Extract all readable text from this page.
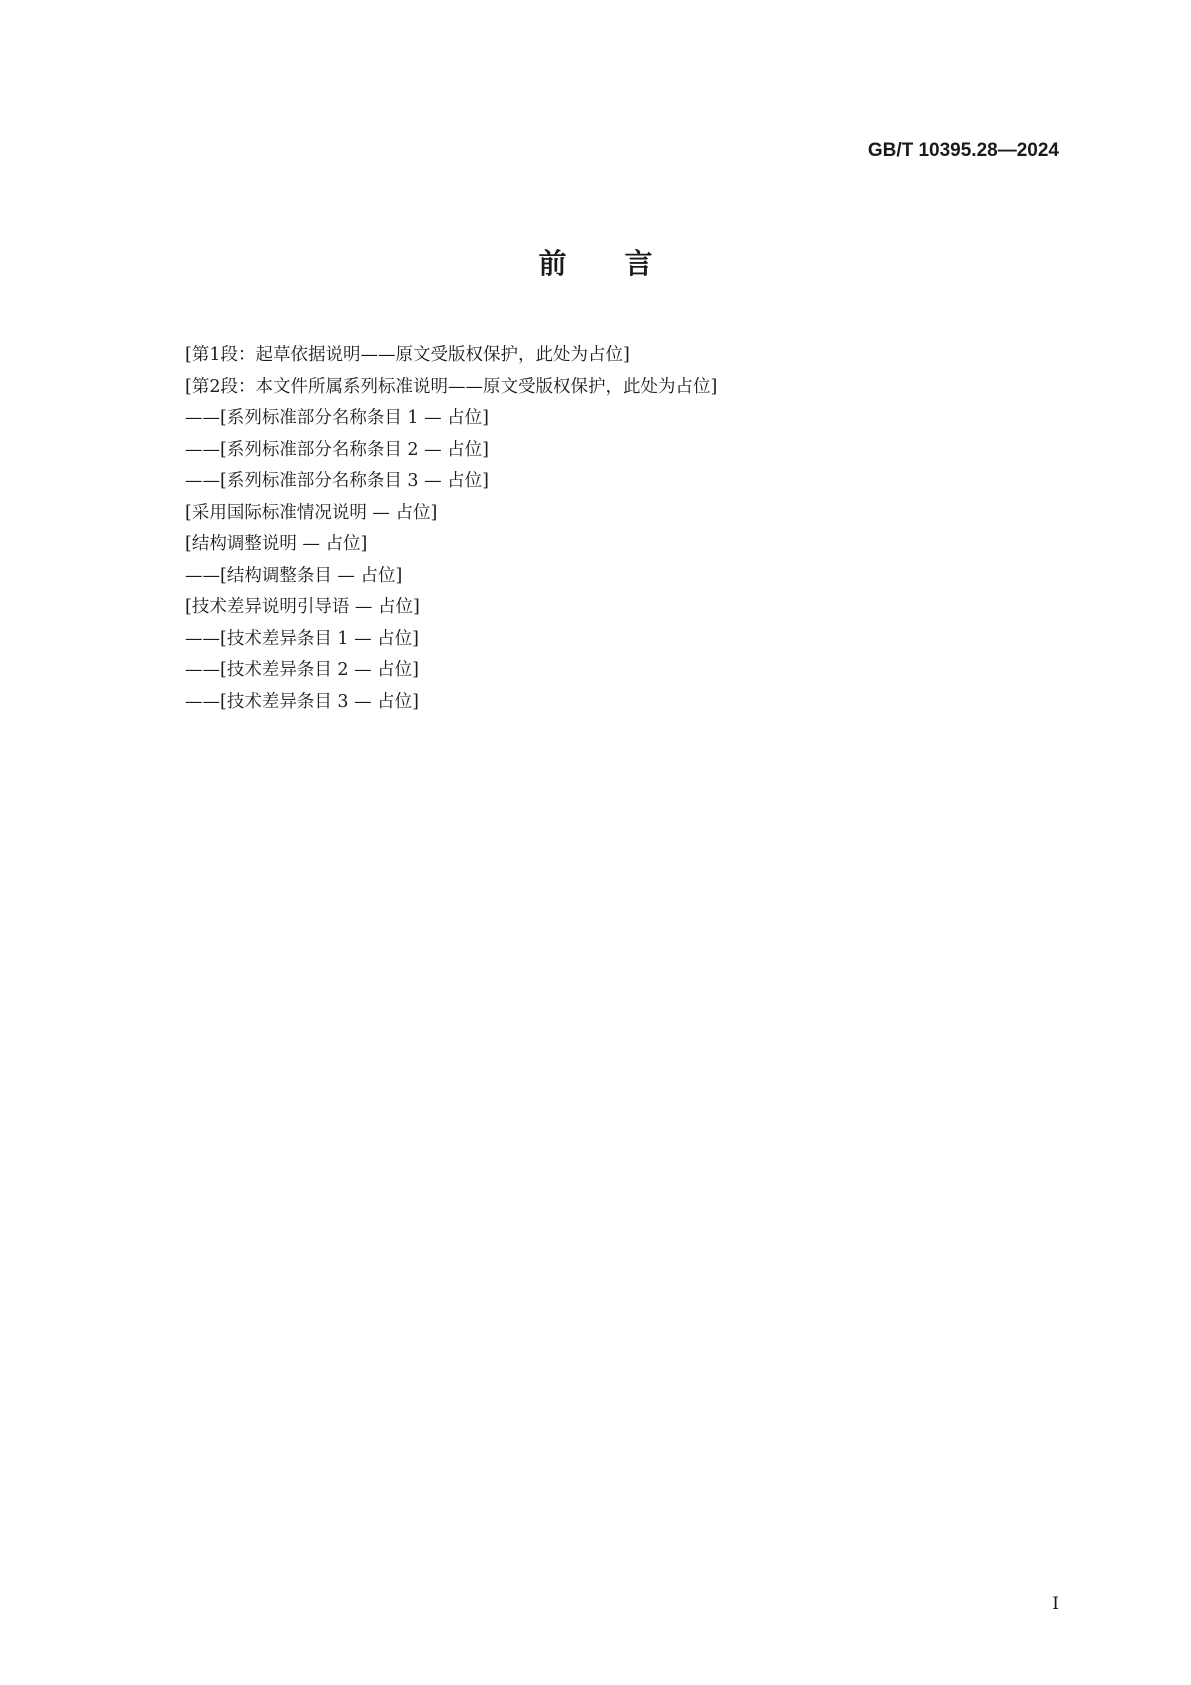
GB/T 10395.28—2024
前言

[第1段：起草依据说明——原文受版权保护，此处为占位]

[第2段：本文件所属系列标准说明——原文受版权保护，此处为占位]

——[系列标准部分名称条目 1 — 占位]

——[系列标准部分名称条目 2 — 占位]

——[系列标准部分名称条目 3 — 占位]

[采用国际标准情况说明 — 占位]

[结构调整说明 — 占位]

——[结构调整条目 — 占位]

[技术差异说明引导语 — 占位]

——[技术差异条目 1 — 占位]

——[技术差异条目 2 — 占位]

——[技术差异条目 3 — 占位]

I
